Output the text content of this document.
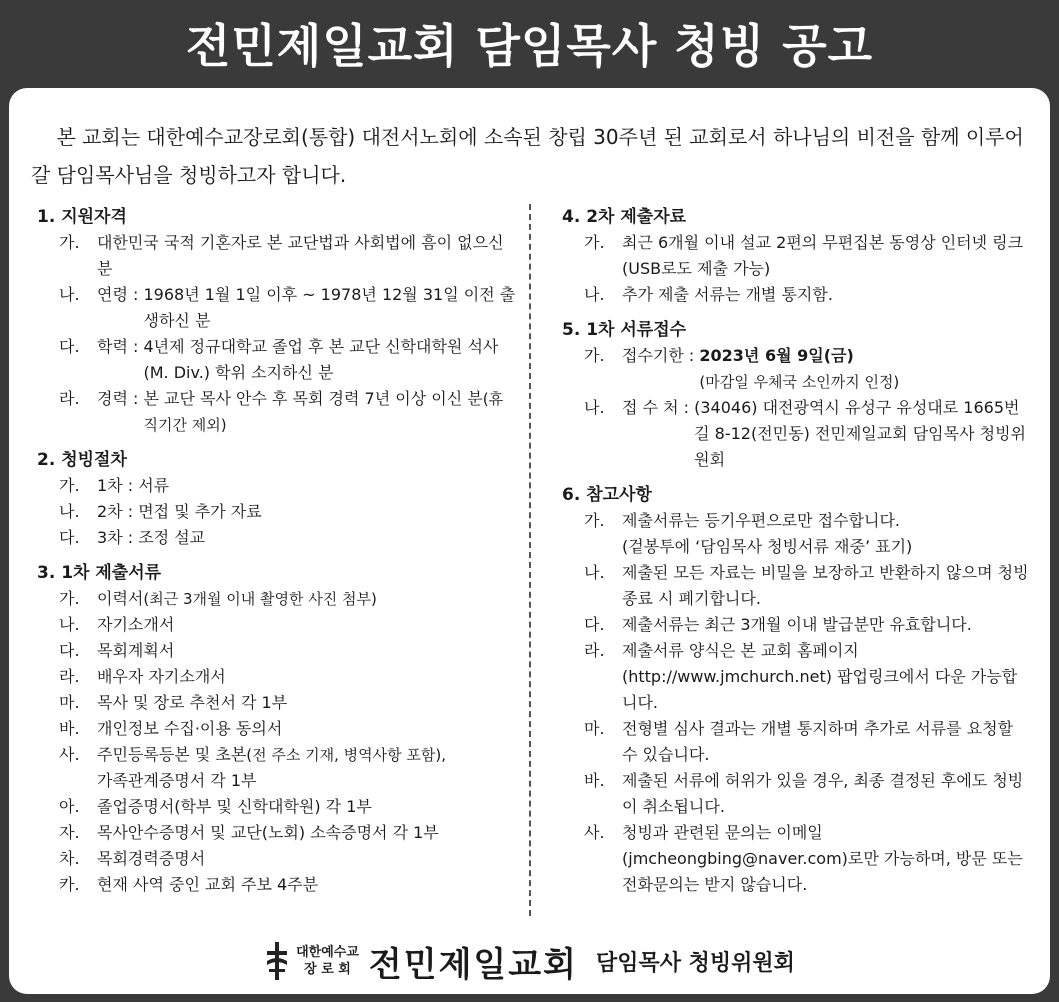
전민제일교회 담임목사 청빙 공고
본 교회는 대한예수교장로회(통합) 대전서노회에 소속된 창립 30주년 된 교회로서 하나님의 비전을 함께 이루어 갈 담임목사님을 청빙하고자 합니다.
1. 지원자격
가.	대한민국 국적 기혼자로 본 교단법과 사회법에 흠이 없으신 분
나.	연령 : 1968년 1월 1일 이후 ~ 1978년 12월 31일 이전 출생하신 분
다.	학력 : 4년제 정규대학교 졸업 후 본 교단 신학대학원 석사(M. Div.) 학위 소지하신 분
라.	경력 : 본 교단 목사 안수 후 목회 경력 7년 이상 이신 분(휴직기간 제외)
2. 청빙절차
가.	1차 : 서류
나.	2차 : 면접 및 추가 자료
다.	3차 : 조정 설교
3. 1차 제출서류
가.	이력서(최근 3개월 이내 촬영한 사진 첨부)
나.	자기소개서
다.	목회계획서
라.	배우자 자기소개서
마.	목사 및 장로 추천서 각 1부
바.	개인정보 수집·이용 동의서
사.	주민등록등본 및 초본(전 주소 기재, 병역사항 포함),
가족관계증명서 각 1부
아.	졸업증명서(학부 및 신학대학원) 각 1부
자.	목사안수증명서 및 교단(노회) 소속증명서 각 1부
차.	목회경력증명서
카.	현재 사역 중인 교회 주보 4주분
4. 2차 제출자료
가.	최근 6개월 이내 설교 2편의 무편집본 동영상 인터넷 링크(USB로도 제출 가능)
나.	추가 제출 서류는 개별 통지함.
5. 1차 서류접수
가.	접수기한 : 2023년 6월 9일(금)
(마감일 우체국 소인까지 인정)
나.	접 수 처 : (34046) 대전광역시 유성구 유성대로 1665번길 8-12(전민동) 전민제일교회 담임목사 청빙위원회
6. 참고사항
가.	제출서류는 등기우편으로만 접수합니다.
(겉봉투에 ‘담임목사 청빙서류 재중’ 표기)
나.	제출된 모든 자료는 비밀을 보장하고 반환하지 않으며 청빙 종료 시 폐기합니다.
다.	제출서류는 최근 3개월 이내 발급분만 유효합니다.
라.	제출서류 양식은 본 교회 홈페이지(http://www.jmchurch.net) 팝업링크에서 다운 가능합니다.
마.	전형별 심사 결과는 개별 통지하며 추가로 서류를 요청할 수 있습니다.
바.	제출된 서류에 허위가 있을 경우, 최종 결정된 후에도 청빙이 취소됩니다.
사.	청빙과 관련된 문의는 이메일(jmcheongbing@naver.com)로만 가능하며, 방문 또는 전화문의는 받지 않습니다.
대한예수교
장 로 회 전민제일교회 담임목사 청빙위원회
